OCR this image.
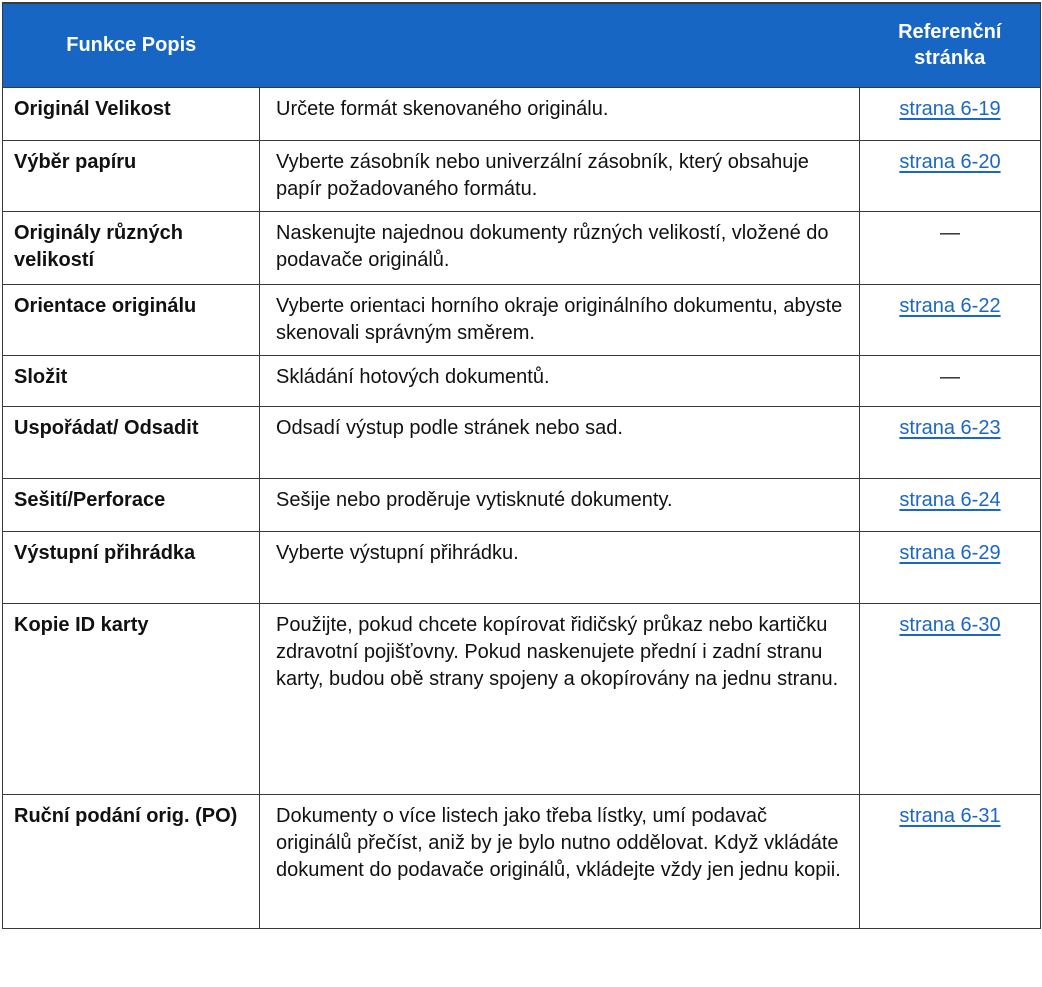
Funkce Popis		Referenční
stránka

Originál Velikost	Určete formát skenovaného originálu.	strana 6-19
Výběr papíru	Vyberte zásobník nebo univerzální zásobník, který obsahuje papír požadovaného formátu.	strana 6-20
Originály různých velikostí	Naskenujte najednou dokumenty různých velikostí, vložené do podavače originálů.	—
Orientace originálu	Vyberte orientaci horního okraje originálního dokumentu, abyste skenovali správným směrem.	strana 6-22
Složit	Skládání hotových dokumentů.	—
Uspořádat/ Odsadit	Odsadí výstup podle stránek nebo sad.	strana 6-23
Sešití/Perforace	Sešije nebo proděruje vytisknuté dokumenty.	strana 6-24
Výstupní přihrádka	Vyberte výstupní přihrádku.	strana 6-29
Kopie ID karty	Použijte, pokud chcete kopírovat řidičský průkaz nebo kartičku zdravotní pojišťovny. Pokud naskenujete přední i zadní stranu karty, budou obě strany spojeny a okopírovány na jednu stranu.	strana 6-30
Ruční podání orig. (PO)	Dokumenty o více listech jako třeba lístky, umí podavač originálů přečíst, aniž by je bylo nutno oddělovat. Když vkládáte dokument do podavače originálů, vkládejte vždy jen jednu kopii.	strana 6-31
